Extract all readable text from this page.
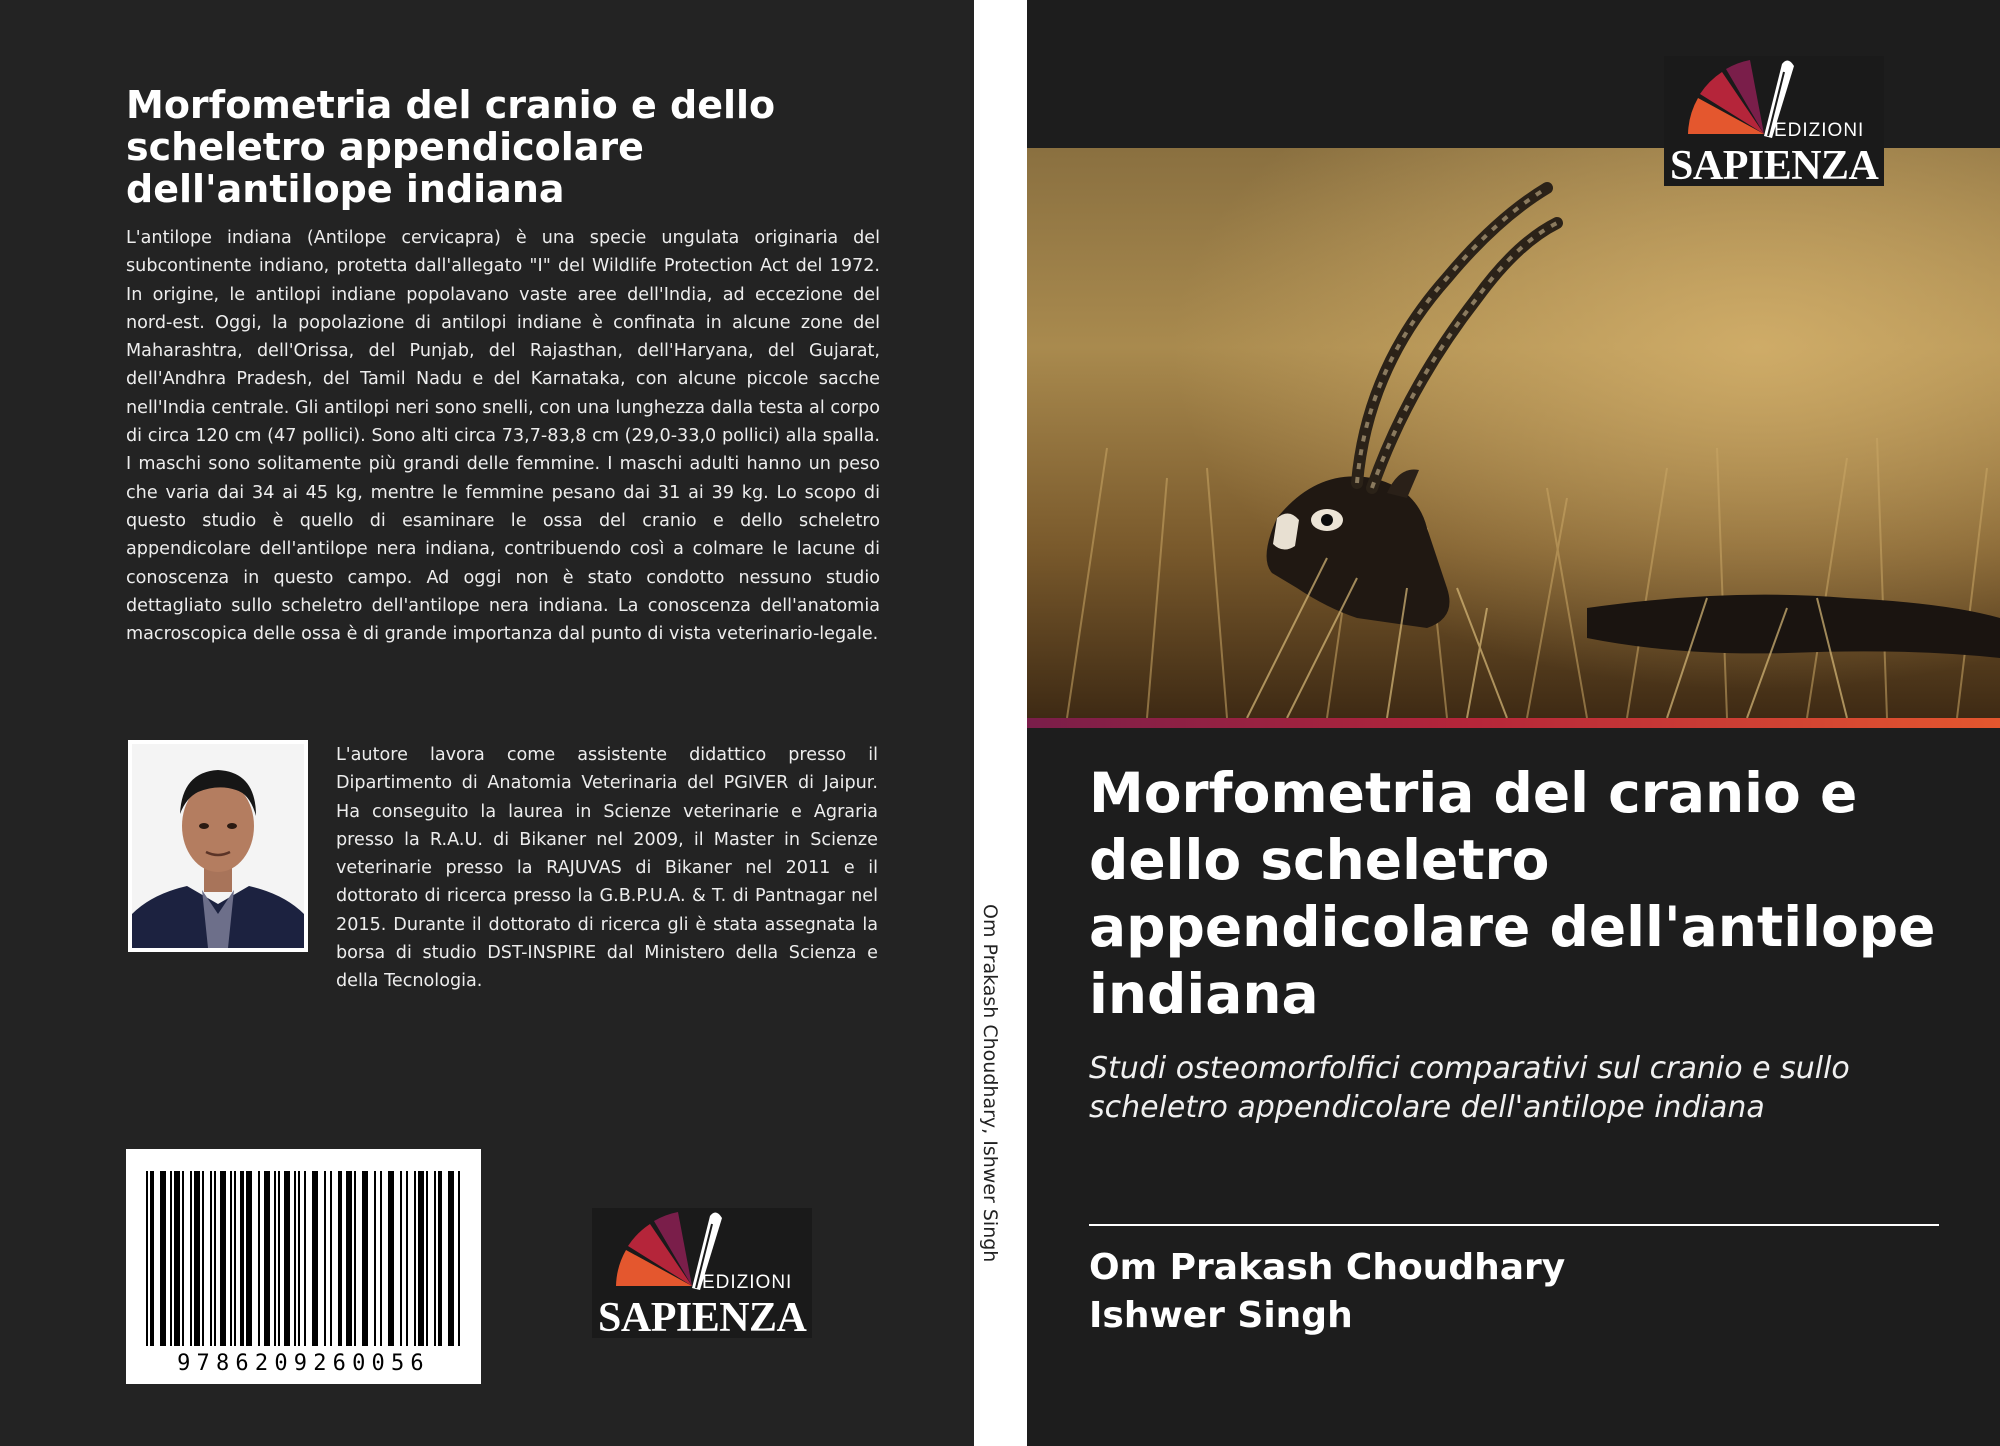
Morfometria del cranio e dello scheletro appendicolare dell'antilope indiana

L'antilope indiana (Antilope cervicapra) è una specie ungulata originaria del subcontinente indiano, protetta dall'allegato "I" del Wildlife Protection Act del 1972. In origine, le antilopi indiane popolavano vaste aree dell'India, ad eccezione del nord-est. Oggi, la popolazione di antilopi indiane è confinata in alcune zone del Maharashtra, dell'Orissa, del Punjab, del Rajasthan, dell'Haryana, del Gujarat, dell'Andhra Pradesh, del Tamil Nadu e del Karnataka, con alcune piccole sacche nell'India centrale. Gli antilopi neri sono snelli, con una lunghezza dalla testa al corpo di circa 120 cm (47 pollici). Sono alti circa 73,7-83,8 cm (29,0-33,0 pollici) alla spalla. I maschi sono solitamente più grandi delle femmine. I maschi adulti hanno un peso che varia dai 34 ai 45 kg, mentre le femmine pesano dai 31 ai 39 kg. Lo scopo di questo studio è quello di esaminare le ossa del cranio e dello scheletro appendicolare dell'antilope nera indiana, contribuendo così a colmare le lacune di conoscenza in questo campo. Ad oggi non è stato condotto nessuno studio dettagliato sullo scheletro dell'antilope nera indiana. La conoscenza dell'anatomia macroscopica delle ossa è di grande importanza dal punto di vista veterinario-legale.

L'autore lavora come assistente didattico presso il Dipartimento di Anatomia Veterinaria del PGIVER di Jaipur. Ha conseguito la laurea in Scienze veterinarie e Agraria presso la R.A.U. di Bikaner nel 2009, il Master in Scienze veterinarie presso la RAJUVAS di Bikaner nel 2011 e il dottorato di ricerca presso la G.B.P.U.A. & T. di Pantnagar nel 2015. Durante il dottorato di ricerca gli è stata assegnata la borsa di studio DST-INSPIRE dal Ministero della Scienza e della Tecnologia.

9786209260056
EDIZIONI
SAPIENZA
Om Prakash Choudhary, Ishwer Singh
EDIZIONI
SAPIENZA
Morfometria del cranio e dello scheletro appendicolare dell'antilope indiana

Studi osteomorfolfici comparativi sul cranio e sullo scheletro appendicolare dell'antilope indiana

Om Prakash Choudhary
Ishwer Singh
